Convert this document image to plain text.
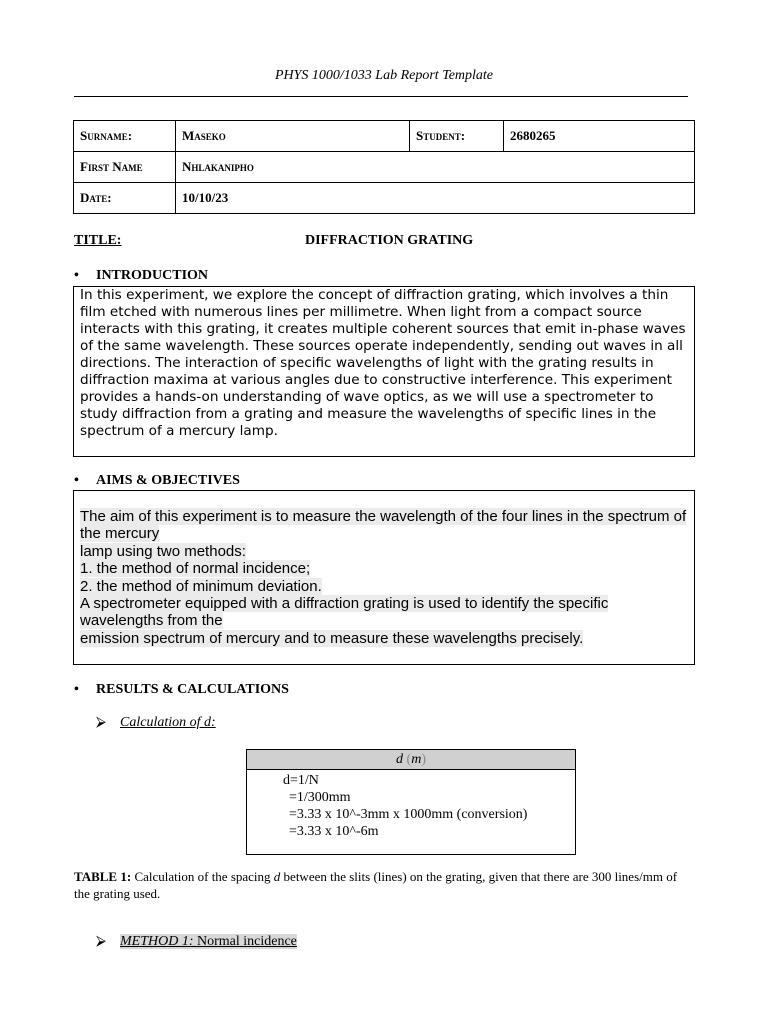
PHYS 1000/1033 Lab Report Template
Surname:	Maseko	Student:	2680265
First Name	Nhlakanipho		
Date:	10/10/23		
TITLE:	DIFFRACTION GRATING
• INTRODUCTION
In this experiment, we explore the concept of diffraction grating, which involves a thin film etched with numerous lines per millimetre. When light from a compact source interacts with this grating, it creates multiple coherent sources that emit in-phase waves of the same wavelength. These sources operate independently, sending out waves in all directions. The interaction of specific wavelengths of light with the grating results in diffraction maxima at various angles due to constructive interference. This experiment provides a hands-on understanding of wave optics, as we will use a spectrometer to study diffraction from a grating and measure the wavelengths of specific lines in the spectrum of a mercury lamp.
• AIMS & OBJECTIVES
The aim of this experiment is to measure the wavelength of the four lines in the spectrum of the mercury
lamp using two methods:
1. the method of normal incidence;
2. the method of minimum deviation.
A spectrometer equipped with a diffraction grating is used to identify the specific wavelengths from the
emission spectrum of mercury and to measure these wavelengths precisely.
• RESULTS & CALCULATIONS
⮚ Calculation of d:
d (m)
d=1/N
=1/300mm
=3.33 x 10^-3mm x 1000mm (conversion)
=3.33 x 10^-6m
TABLE 1: Calculation of the spacing d between the slits (lines) on the grating, given that there are 300 lines/mm of the grating used.
⮚ METHOD 1: Normal incidence
